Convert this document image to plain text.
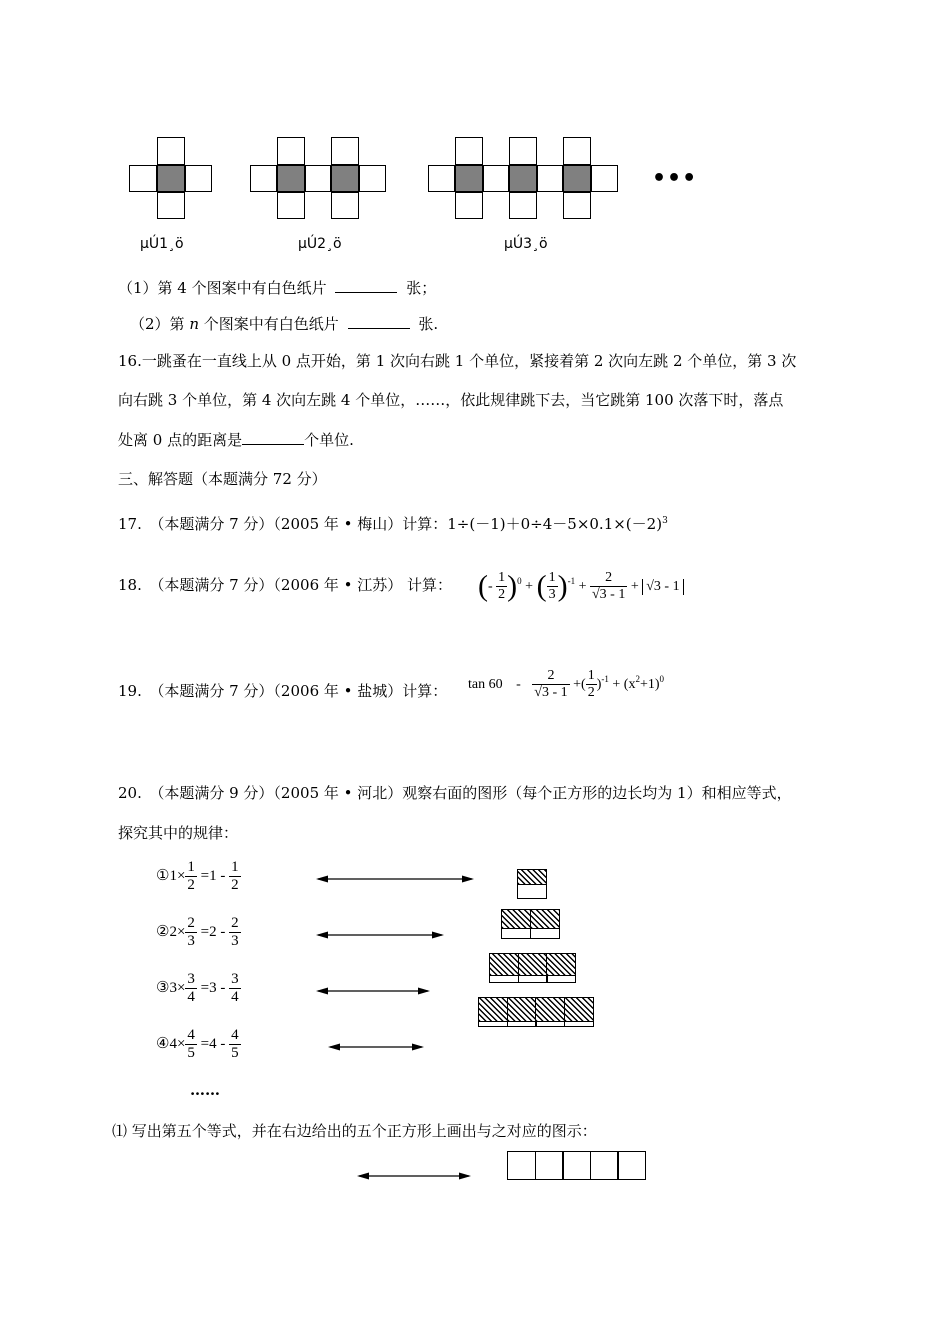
•••
µÚ1¸ö	µÚ2¸ö	µÚ3¸ö
（1）第 4 个图案中有白色纸片	张；
（2）第 n 个图案中有白色纸片	张.
16.一跳蚤在一直线上从 0 点开始，第 1 次向右跳 1 个单位，紧接着第 2 次向左跳 2 个单位，第 3 次
向右跳 3 个单位，第 4 次向左跳 4 个单位，……，依此规律跳下去，当它跳第 100 次落下时，落点
处离 0 点的距离是	个单位.
三、解答题（本题满分 72 分）
17.　（本题满分 7 分）（2005 年 • 梅山）计算：$1\div(-1)+0\div 4-5\times 0.1\times(-2)^3$
18.　（本题满分 7 分）（2006 年 • 江苏） 计算： (- $\frac{1}{2} )^0$ + ( $\frac{1}{3} )^{-1} + \frac{2}{√3 - 1} + √3 - 1$
19.　（本题满分 7 分）（2006 年 • 盐城）计算： $\tan 60 - \frac{2}{√3 - 1}$ +( $\frac{1}{2} )^{-1} + (x^2+1)^0$
20.　（本题满分 9 分）（2005 年 • 河北）观察右面的图形（每个正方形的边长均为 1）和相应等式，
探究其中的规律：
①1× $\frac{1}{2} =1 - \frac{1}{2}$
②2× $\frac{2}{3} =2 - \frac{2}{3}$
③3× $\frac{3}{4} =3 - \frac{3}{4}$
④4× $\frac{4}{5} =4 - \frac{4}{5}$
……
⑴ 写出第五个等式，并在右边给出的五个正方形上画出与之对应的图示：
